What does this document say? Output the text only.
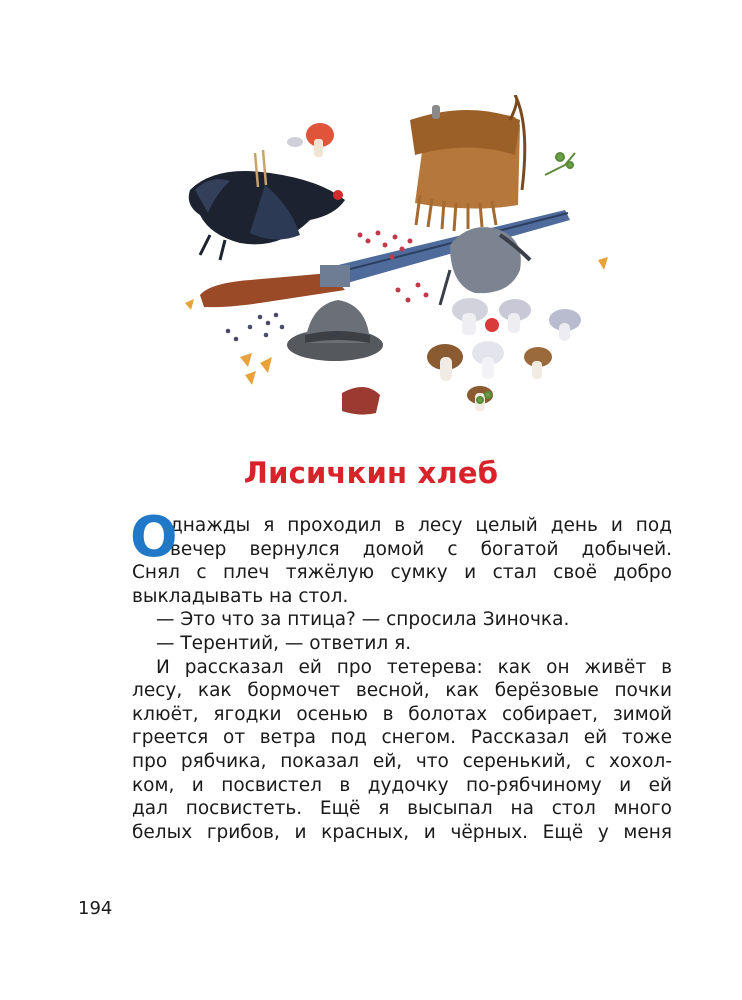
Лисичкин хлеб
О
днажды я проходил в лесу целый день и под
вечер вернулся домой с богатой добычей.
Снял с плеч тяжёлую сумку и стал своё добро
выкладывать на стол.
— Это что за птица? — спросила Зиночка.
— Терентий, — ответил я.
И рассказал ей про тетерева: как он живёт в
лесу, как бормочет весной, как берёзовые почки
клюёт, ягодки осенью в болотах собирает, зимой
греется от ветра под снегом. Рассказал ей тоже
про рябчика, показал ей, что серенький, с хохол-
ком, и посвистел в дудочку по-рябчиному и ей
дал посвистеть. Ещё я высыпал на стол много
белых грибов, и красных, и чёрных. Ещё у меня
194
